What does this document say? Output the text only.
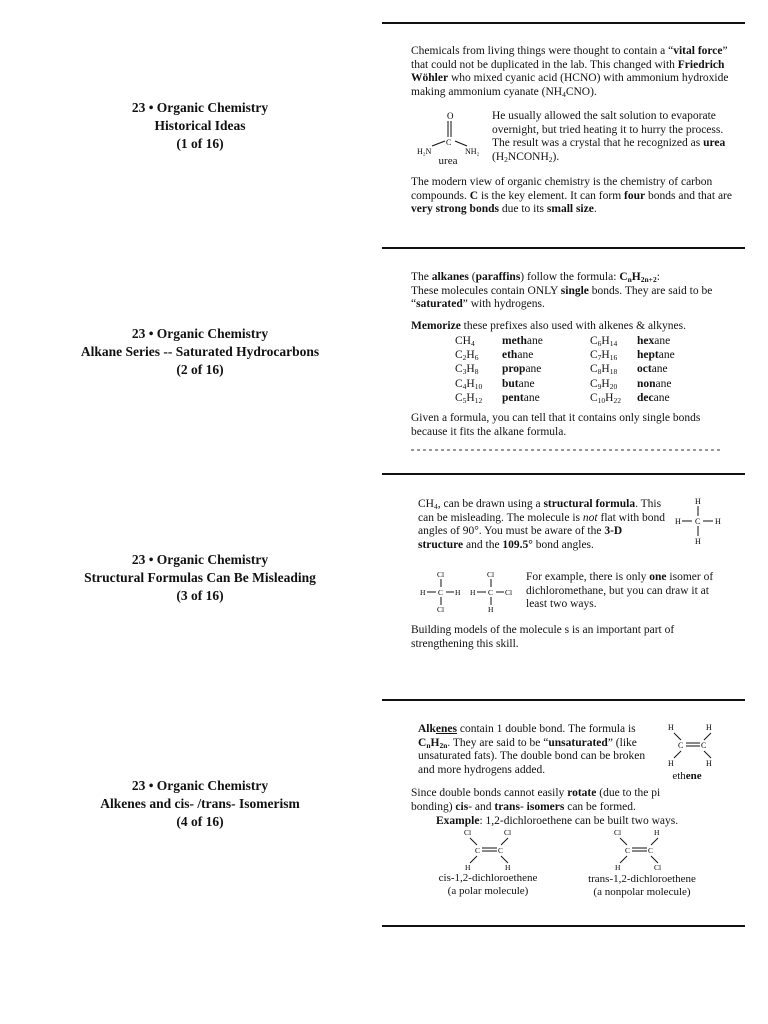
23 • Organic Chemistry
Historical Ideas
(1 of 16)
Chemicals from living things were thought to contain a “vital force” that could not be duplicated in the lab. This changed with Friedrich Wöhler who mixed cyanic acid (HCNO) with ammonium hydroxide making ammonium cyanate $(NH_4CNO)$.
O
C
H₂N	NH₂
urea
He usually allowed the salt solution to evaporate overnight, but tried heating it to hurry the process. The result was a crystal that he recognized as urea $(H_2NCONH_2)$.
The modern view of organic chemistry is the chemistry of carbon compounds. C is the key element. It can form four bonds and that are very strong bonds due to its small size.
23 • Organic Chemistry
Alkane Series -- Saturated Hydrocarbons
(2 of 16)
The alkanes (paraffins) follow the formula: $C_nH_{2n+2}$:
These molecules contain ONLY single bonds. They are said to be “saturated” with hydrogens.
Memorize these prefixes also used with alkenes & alkynes.
$CH_4$ methane	$C_6H_{14}$ hexane
$C_2H_6$ ethane	$C_7H_{16}$ heptane
$C_3H_8$ propane	$C_8H_{18}$ octane
$C_4H_{10}$ butane	$C_9H_{20}$ nonane
$C_5H_{12}$ pentane	$C_{10}H_{22}$ decane
Given a formula, you can tell that it contains only single bonds because it fits the alkane formula.
23 • Organic Chemistry
Structural Formulas Can Be Misleading
(3 of 16)
$CH_4$, can be drawn using a structural formula. This can be misleading. The molecule is not flat with bond angles of 90°. You must be aware of the 3-D structure and the 109.5° bond angles.
H
H C H
H
Cl
H C H
Cl
Cl
H C Cl
H
For example, there is only one isomer of dichloromethane, but you can draw it at least two ways.
Building models of the molecule s is an important part of strengthening this skill.
23 • Organic Chemistry
Alkenes and cis- /trans- Isomerism
(4 of 16)
Alkenes contain 1 double bond. The formula is $C_nH_{2n}$. They are said to be “unsaturated” (like unsaturated fats). The double bond can be broken and more hydrogens added.
H	H
C C
H	H
ethene
Since double bonds cannot easily rotate (due to the pi bonding) cis- and trans- isomers can be formed.
Example: 1,2-dichloroethene can be built two ways.
Cl	Cl
C C
H	H
Cl	H
C C
H	Cl
cis-1,2-dichloroethene
(a polar molecule)
trans-1,2-dichloroethene
(a nonpolar molecule)
